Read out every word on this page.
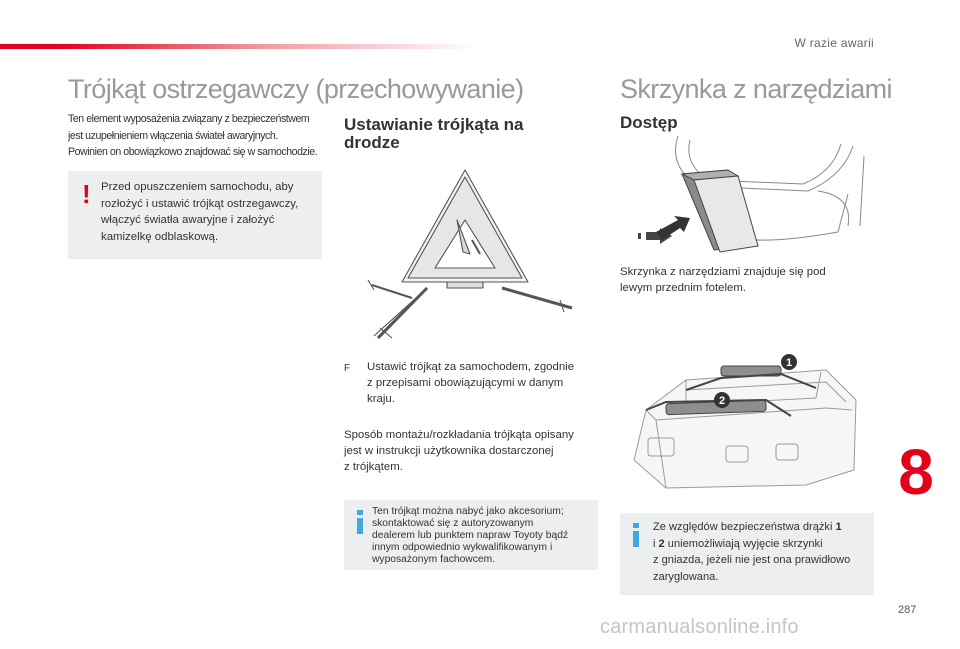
W razie awarii
Trójkąt ostrzegawczy (przechowywanie)
Ten element wyposażenia związany z bezpieczeństwem
jest uzupełnieniem włączenia świateł awaryjnych.
Powinien on obowiązkowo znajdować się w samochodzie.
! Przed opuszczeniem samochodu, aby
rozłożyć i ustawić trójkąt ostrzegawczy,
włączyć światła awaryjne i założyć
kamizelkę odblaskową.
Ustawianie trójkąta na
drodze
F Ustawić trójkąt za samochodem, zgodnie
z przepisami obowiązującymi w danym
kraju.
Sposób montażu/rozkładania trójkąta opisany
jest w instrukcji użytkownika dostarczonej
z trójkątem.
Ten trójkąt można nabyć jako akcesorium;
skontaktować się z autoryzowanym
dealerem lub punktem napraw Toyoty bądź
innym odpowiednio wykwalifikowanym i
wyposażonym fachowcem.
Skrzynka z narzędziami
Dostęp
Skrzynka z narzędziami znajduje się pod
lewym przednim fotelem.
1
2
Ze względów bezpieczeństwa drążki 1
i 2 uniemożliwiają wyjęcie skrzynki
z gniazda, jeżeli nie jest ona prawidłowo
zaryglowana.
8
287
carmanualsonline.info
